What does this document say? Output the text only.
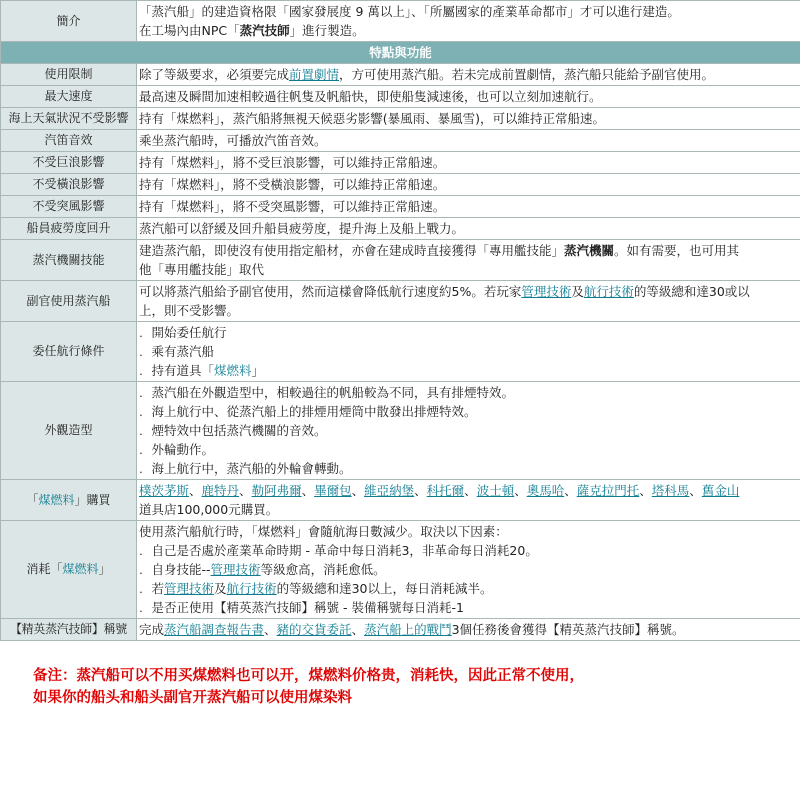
簡介	「蒸汽船」的建造資格限「國家發展度 9 萬以上」、「所屬國家的產業革命都市」才可以進行建造。
在工場內由NPC「蒸汽技師」進行製造。

特點與功能	
使用限制	除了等級要求，必須要完成前置劇情，方可使用蒸汽船。若未完成前置劇情，蒸汽船只能給予副官使用。
最大速度	最高速及瞬間加速相較過往帆隻及帆船快，即使船隻減速後，也可以立刻加速航行。
海上天氣狀況不受影響	持有「煤燃料」，蒸汽船將無視天候惡劣影響(暴風雨、暴風雪)，可以維持正常船速。
汽笛音效	乘坐蒸汽船時，可播放汽笛音效。
不受巨浪影響	持有「煤燃料」，將不受巨浪影響，可以維持正常船速。
不受橫浪影響	持有「煤燃料」，將不受橫浪影響，可以維持正常船速。
不受突風影響	持有「煤燃料」，將不受突風影響，可以維持正常船速。
船員疲勞度回升	蒸汽船可以舒緩及回升船員疲勞度，提升海上及船上戰力。
蒸汽機關技能	建造蒸汽船，即使沒有使用指定船材，亦會在建成時直接獲得「專用艦技能」蒸汽機關。如有需要，也可用其
他「專用艦技能」取代

副官使用蒸汽船	可以將蒸汽船給予副官使用，然而這樣會降低航行速度約5%。若玩家管理技術及航行技術的等級總和達30或以
上，則不受影響。

委任航行條件	． 開始委任航行
． 乘有蒸汽船
． 持有道具「煤燃料」

外觀造型	． 蒸汽船在外觀造型中，相較過往的帆船較為不同，具有排煙特效。
． 海上航行中、從蒸汽船上的排煙用煙筒中散發出排煙特效。
． 煙特效中包括蒸汽機關的音效。
． 外輪動作。
． 海上航行中，蒸汽船的外輪會轉動。

「煤燃料」購買	樸茨茅斯、鹿特丹、勒阿弗爾、畢爾包、維亞納堡、科托爾、波士頓、奧馬哈、薩克拉門托、塔科馬、舊金山
道具店100,000元購買。

消耗「煤燃料」	使用蒸汽船航行時，「煤燃料」會隨航海日數減少。取決以下因素：
． 自己是否處於產業革命時期 - 革命中每日消耗3，非革命每日消耗20。
． 自身技能--管理技術等級愈高，消耗愈低。
． 若管理技術及航行技術的等級總和達30以上，每日消耗減半。
． 是否正使用【精英蒸汽技師】稱號 - 裝備稱號每日消耗-1

【精英蒸汽技師】稱號	完成蒸汽船調查報告書、豬的交貨委託、蒸汽船上的戰鬥3個任務後會獲得【精英蒸汽技師】稱號。
备注：蒸汽船可以不用买煤燃料也可以开，煤燃料价格贵，消耗快，因此正常不使用，
如果你的船头和船头副官开蒸汽船可以使用煤染料
